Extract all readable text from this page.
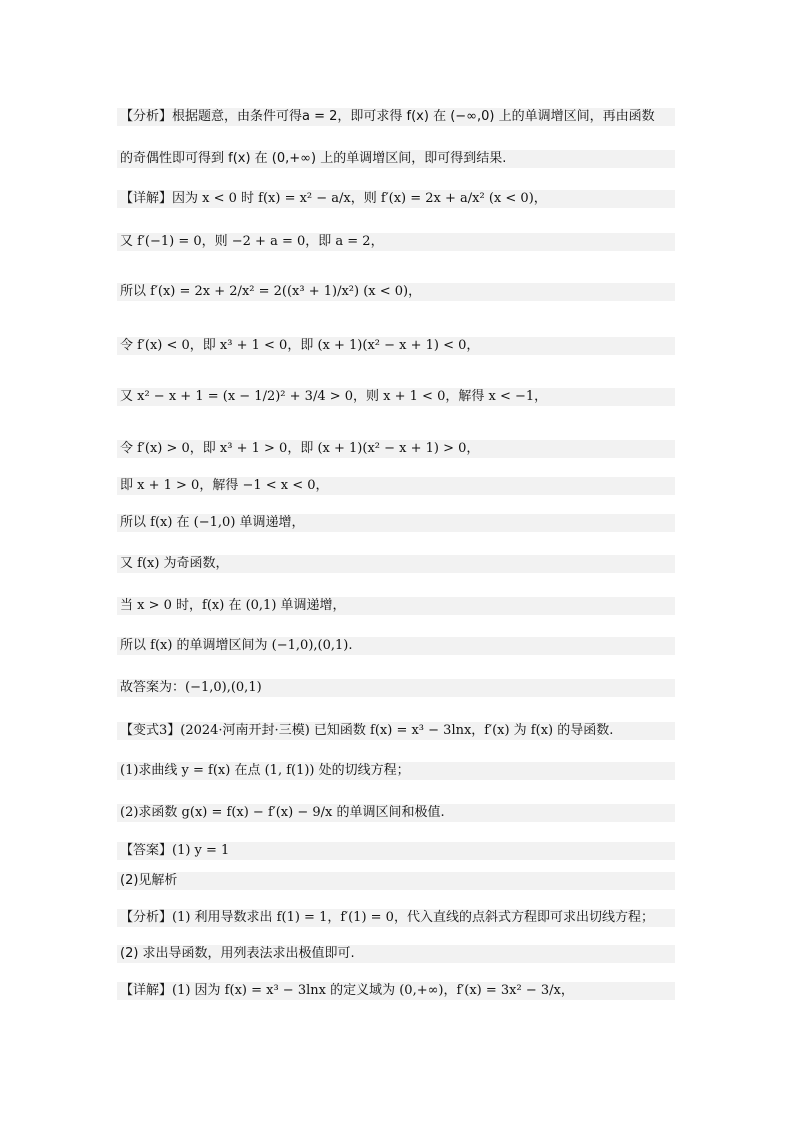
【分析】根据题意，由条件可得a = 2，即可求得 f(x) 在 (−∞,0) 上的单调增区间，再由函数
的奇偶性即可得到 f(x) 在 (0,+∞) 上的单调增区间，即可得到结果.
【详解】因为 x < 0 时 f(x) = x² − a/x，则 f′(x) = 2x + a/x² (x < 0)，
又 f′(−1) = 0，则 −2 + a = 0，即 a = 2，
所以 f′(x) = 2x + 2/x² = 2((x³ + 1)/x²) (x < 0)，
令 f′(x) < 0，即 x³ + 1 < 0，即 (x + 1)(x² − x + 1) < 0，
又 x² − x + 1 = (x − 1/2)² + 3/4 > 0，则 x + 1 < 0，解得 x < −1，
令 f′(x) > 0，即 x³ + 1 > 0，即 (x + 1)(x² − x + 1) > 0，
即 x + 1 > 0，解得 −1 < x < 0，
所以 f(x) 在 (−1,0) 单调递增，
又 f(x) 为奇函数，
当 x > 0 时，f(x) 在 (0,1) 单调递增，
所以 f(x) 的单调增区间为 (−1,0),(0,1).
故答案为：(−1,0),(0,1)
【变式3】(2024·河南开封·三模) 已知函数 f(x) = x³ − 3lnx，f′(x) 为 f(x) 的导函数.
(1)求曲线 y = f(x) 在点 (1, f(1)) 处的切线方程；
(2)求函数 g(x) = f(x) − f′(x) − 9/x 的单调区间和极值.
【答案】(1) y = 1
(2)见解析
【分析】(1) 利用导数求出 f(1) = 1，f′(1) = 0，代入直线的点斜式方程即可求出切线方程；
(2) 求出导函数，用列表法求出极值即可.
【详解】(1) 因为 f(x) = x³ − 3lnx 的定义域为 (0,+∞)，f′(x) = 3x² − 3/x，
